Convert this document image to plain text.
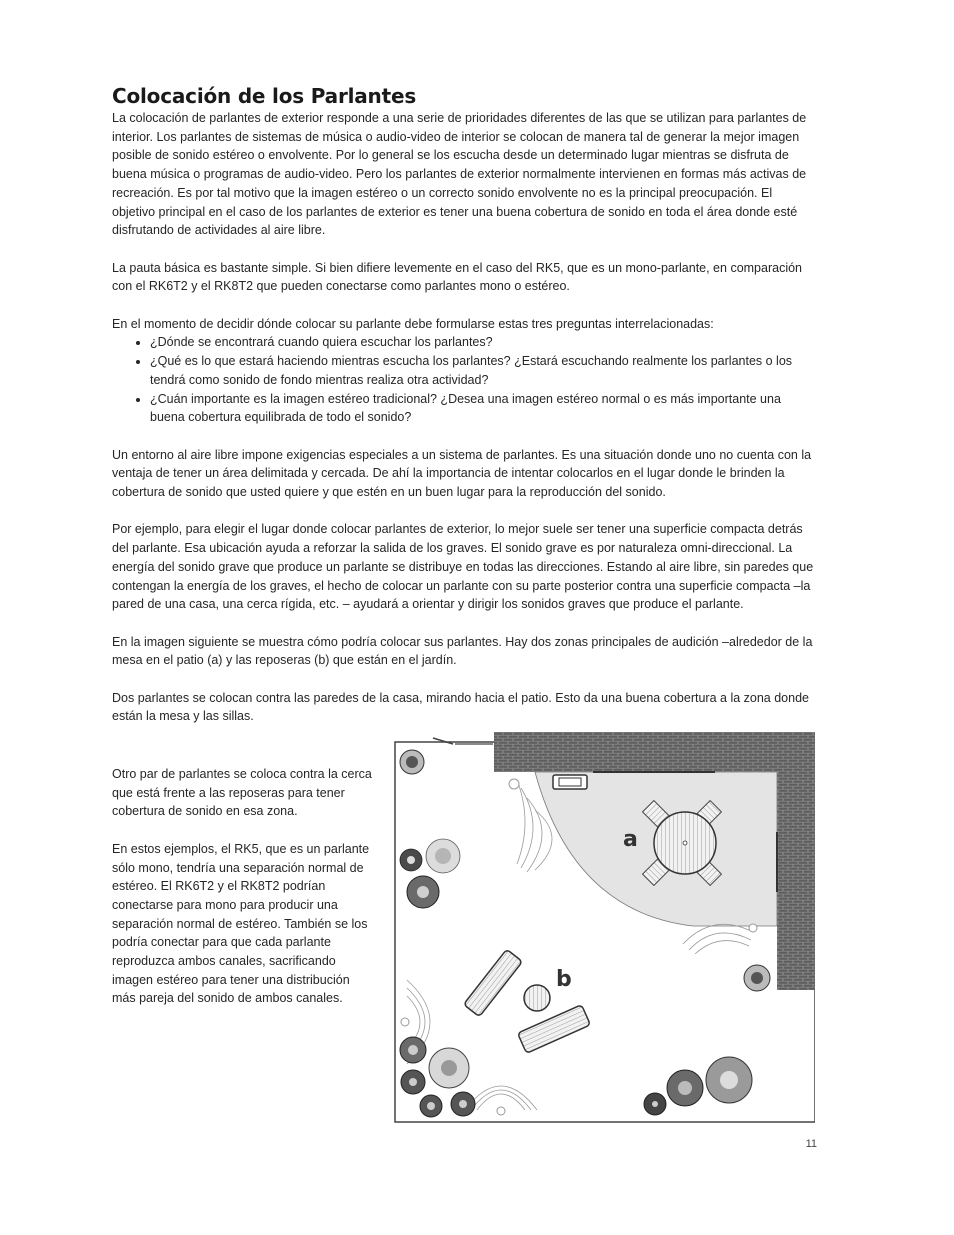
Colocación de los Parlantes

La colocación de parlantes de exterior responde a una serie de prioridades diferentes de las que se utilizan para parlantes de interior. Los parlantes de sistemas de música o audio-video de interior se colocan de manera tal de generar la mejor imagen posible de sonido estéreo o envolvente. Por lo general se los escucha desde un determinado lugar mientras se disfruta de buena música o programas de audio-video. Pero los parlantes de exterior normalmente intervienen en formas más activas de recreación. Es por tal motivo que la imagen estéreo o un correcto sonido envolvente no es la principal preocupación. El objetivo principal en el caso de los parlantes de exterior es tener una buena cobertura de sonido en toda el área donde esté disfrutando de actividades al aire libre.

La pauta básica es bastante simple. Si bien difiere levemente en el caso del RK5, que es un mono-parlante, en comparación con el RK6T2 y el RK8T2 que pueden conectarse como parlantes mono o estéreo.

En el momento de decidir dónde colocar su parlante debe formularse estas tres preguntas interrelacionadas:
• ¿Dónde se encontrará cuando quiera escuchar los parlantes?
• ¿Qué es lo que estará haciendo mientras escucha los parlantes? ¿Estará escuchando realmente los parlantes o los tendrá como sonido de fondo mientras realiza otra actividad?
• ¿Cuán importante es la imagen estéreo tradicional? ¿Desea una imagen estéreo normal o es más importante una buena cobertura equilibrada de todo el sonido?

Un entorno al aire libre impone exigencias especiales a un sistema de parlantes. Es una situación donde uno no cuenta con la ventaja de tener un área delimitada y cercada. De ahí la importancia de intentar colocarlos en el lugar donde le brinden la cobertura de sonido que usted quiere y que estén en un buen lugar para la reproducción del sonido.

Por ejemplo, para elegir el lugar donde colocar parlantes de exterior, lo mejor suele ser tener una superficie compacta detrás del parlante. Esa ubicación ayuda a reforzar la salida de los graves. El sonido grave es por naturaleza omni-direccional. La energía del sonido grave que produce un parlante se distribuye en todas las direcciones. Estando al aire libre, sin paredes que contengan la energía de los graves, el hecho de colocar un parlante con su parte posterior contra una superficie compacta –la pared de una casa, una cerca rígida, etc. – ayudará a orientar y dirigir los sonidos graves que produce el parlante.

En la imagen siguiente se muestra cómo podría colocar sus parlantes. Hay dos zonas principales de audición –alrededor de la mesa en el patio (a) y las reposeras (b) que están en el jardín.

Dos parlantes se colocan contra las paredes de la casa, mirando hacia el patio. Esto da una buena cobertura a la zona donde están la mesa y las sillas.

Otro par de parlantes se coloca contra la cerca que está frente a las reposeras para tener cobertura de sonido en esa zona.

En estos ejemplos, el RK5, que es un parlante sólo mono, tendría una separación normal de estéreo. El RK6T2 y el RK8T2 podrían conectarse para mono para producir una separación normal de estéreo. También se los podría conectar para que cada parlante reproduzca ambos canales, sacrificando imagen estéreo para tener una distribución más pareja del sonido de ambos canales.

a
b
11
